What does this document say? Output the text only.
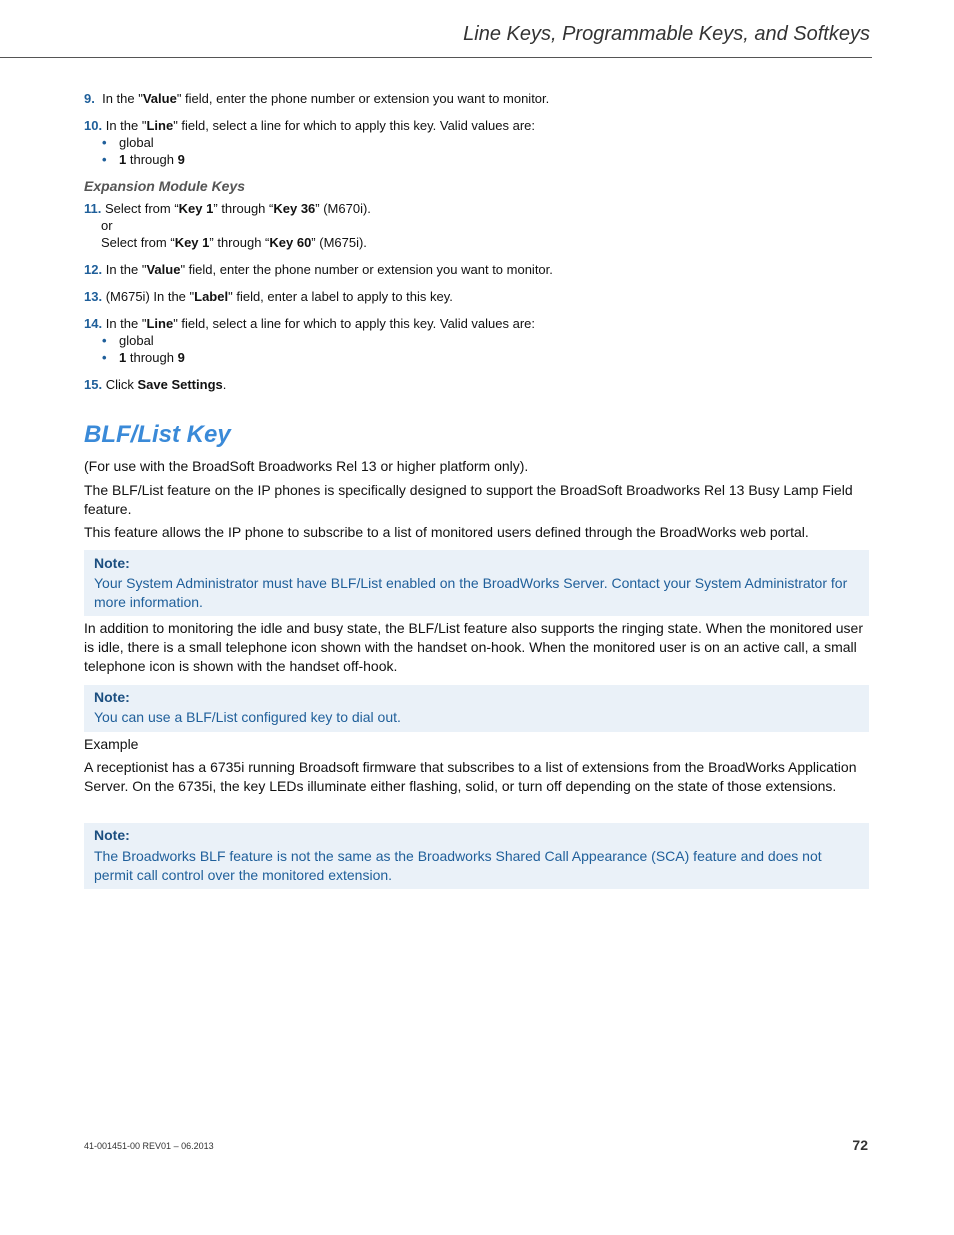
Line Keys, Programmable Keys, and Softkeys
9. In the "Value" field, enter the phone number or extension you want to monitor.
10. In the "Line" field, select a line for which to apply this key. Valid values are:
• global
• 1 through 9
Expansion Module Keys
11. Select from “Key 1” through “Key 36” (M670i).
or
Select from “Key 1” through “Key 60” (M675i).
12. In the "Value" field, enter the phone number or extension you want to monitor.
13. (M675i) In the "Label" field, enter a label to apply to this key.
14. In the "Line" field, select a line for which to apply this key. Valid values are:
• global
• 1 through 9
15. Click Save Settings.
BLF/List Key
(For use with the BroadSoft Broadworks Rel 13 or higher platform only).
The BLF/List feature on the IP phones is specifically designed to support the BroadSoft Broadworks Rel 13 Busy Lamp Field feature.
This feature allows the IP phone to subscribe to a list of monitored users defined through the BroadWorks web portal.
Note:
Your System Administrator must have BLF/List enabled on the BroadWorks Server. Contact your System Administrator for more information.
In addition to monitoring the idle and busy state, the BLF/List feature also supports the ringing state. When the monitored user is idle, there is a small telephone icon shown with the handset on-hook. When the monitored user is on an active call, a small telephone icon is shown with the handset off-hook.
Note:
You can use a BLF/List configured key to dial out.
Example
A receptionist has a 6735i running Broadsoft firmware that subscribes to a list of extensions from the BroadWorks Application Server. On the 6735i, the key LEDs illuminate either flashing, solid, or turn off depending on the state of those extensions.
Note:
The Broadworks BLF feature is not the same as the Broadworks Shared Call Appearance (SCA) feature and does not permit call control over the monitored extension.
41-001451-00 REV01 – 06.2013	72
